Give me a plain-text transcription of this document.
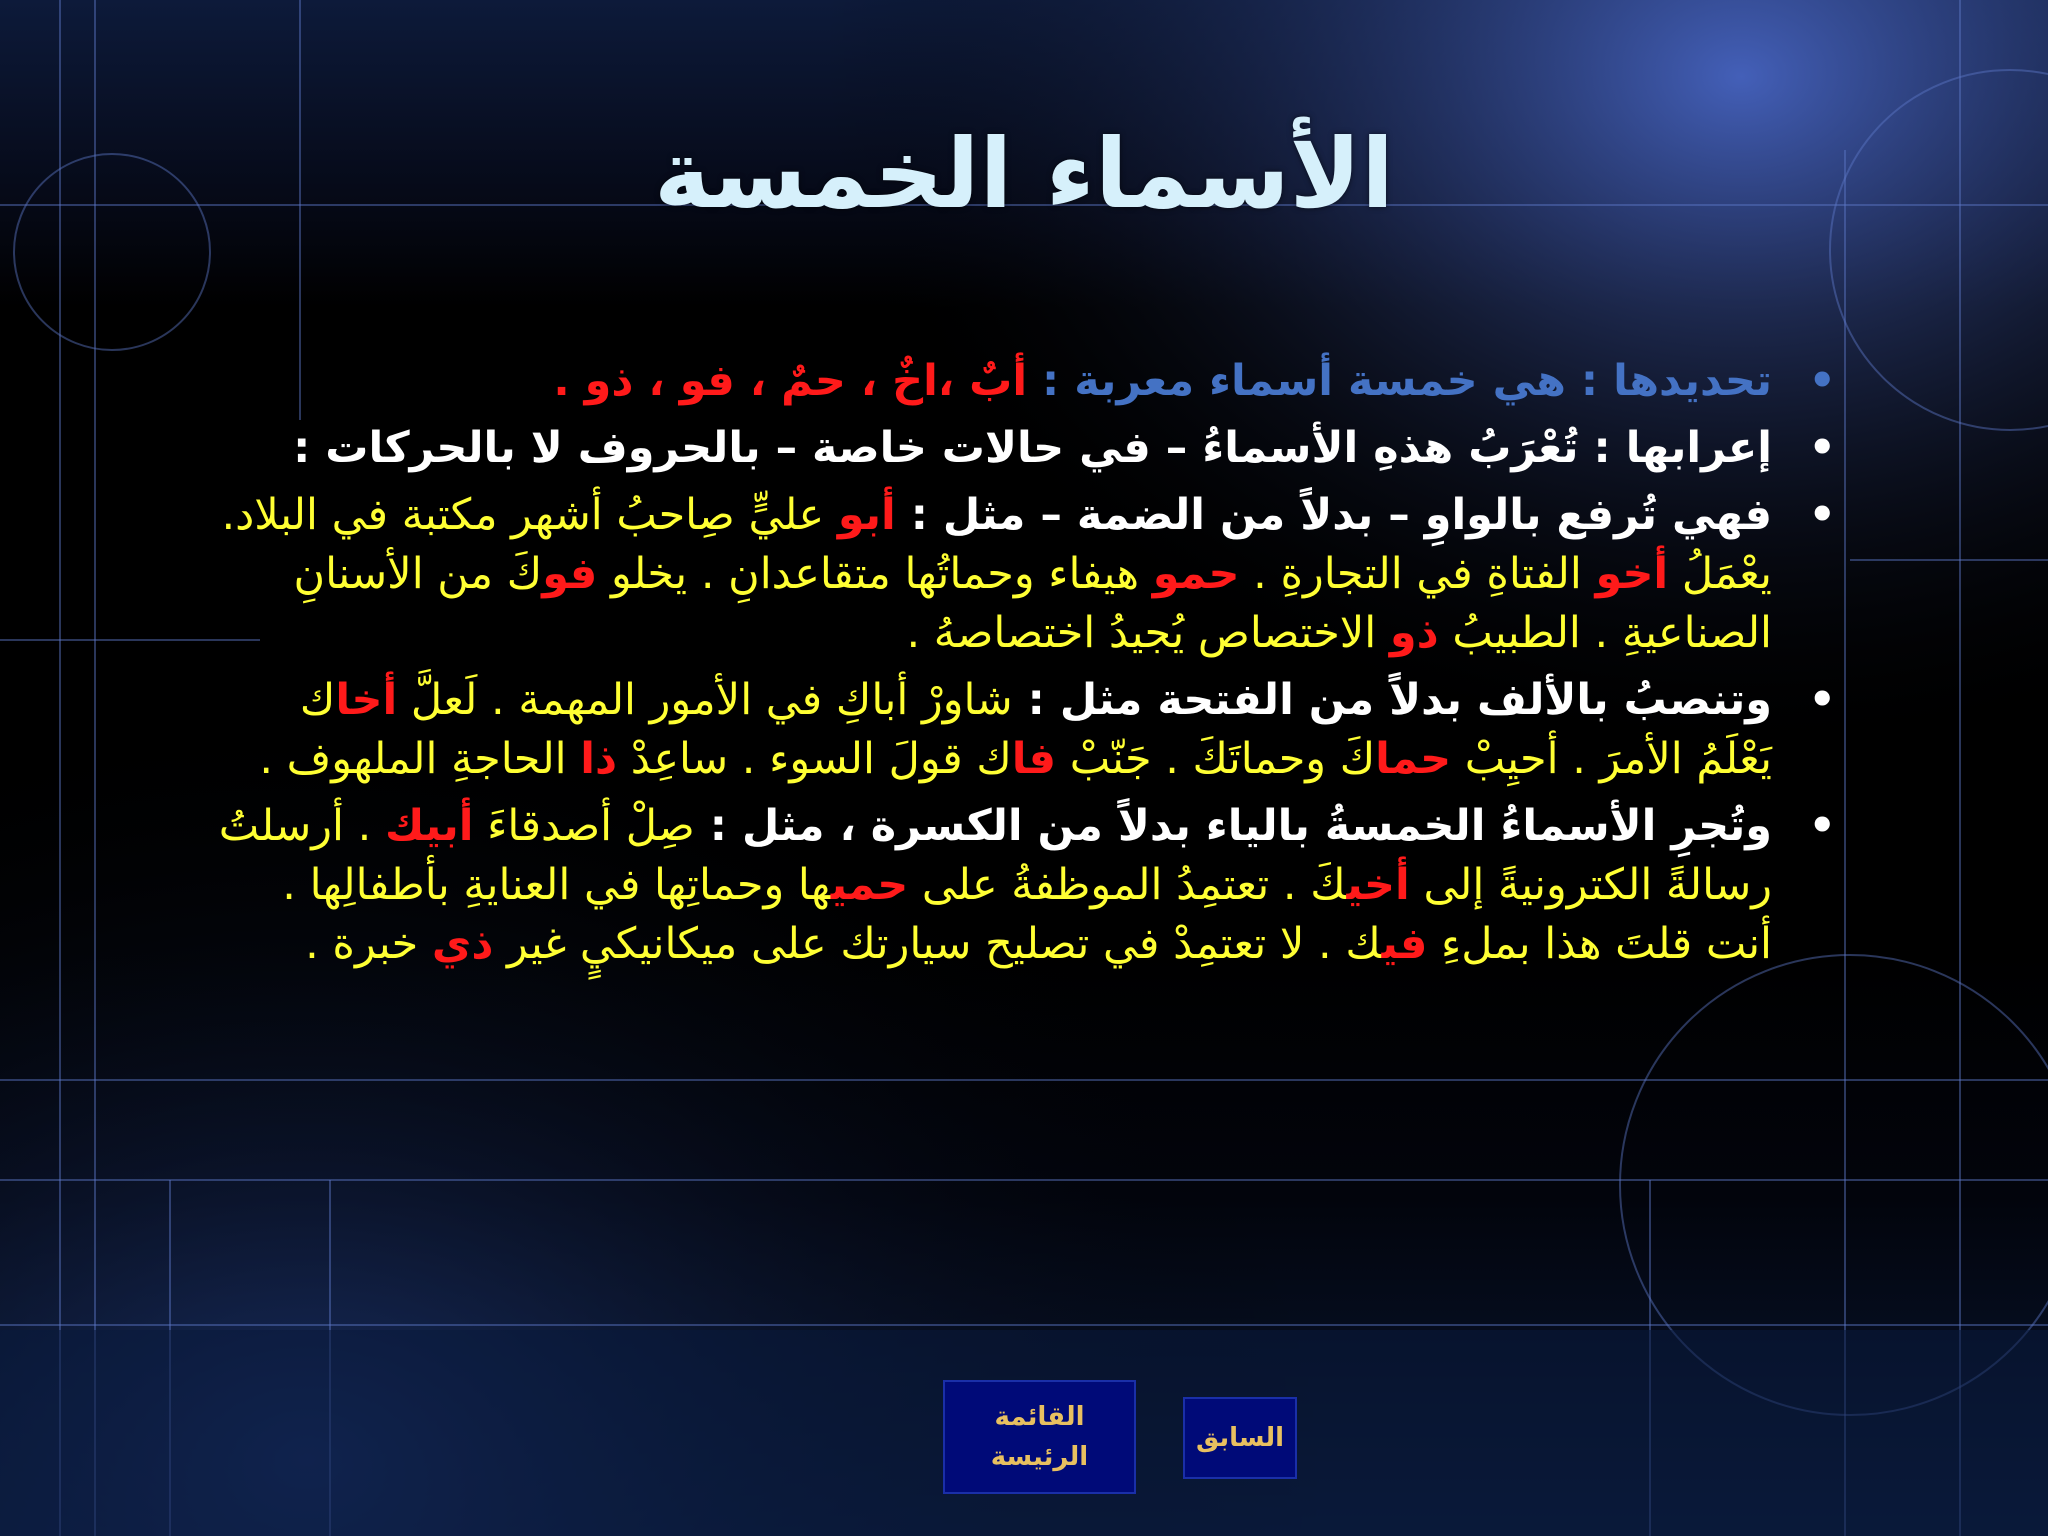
الأسماء الخمسة
•
تحديدها : هي خمسة أسماء معربة : أبٌ ،اخٌ ، حمٌ ، فو ، ذو .
•
إعرابها : تُعْرَبُ هذهِ الأسماءُ – في حالات خاصة – بالحروف لا بالحركات :
•
فهي تُرفع بالواوِ – بدلاً من الضمة – مثل : أبو عليٍّ صِاحبُ أشهر مكتبة في البلاد. يعْمَلُ أخو الفتاةِ في التجارةِ . حمو هيفاء وحماتُها متقاعدانِ . يخلو فوكَ من الأسنانِ الصناعيةِ . الطبيبُ ذو الاختصاص يُجيدُ اختصاصهُ .
•
وتنصبُ بالألف بدلاً من الفتحة مثل : شاورْ أباكِ في الأمور المهمة . لَعلَّ أخاك يَعْلَمُ الأمرَ . أحيِبْ حماكَ وحماتَكَ . جَنّبْ فاك قولَ السوء . ساعِدْ ذا الحاجةِ الملهوف .
•
وتُجرِ الأسماءُ الخمسةُ بالياء بدلاً من الكسرة ، مثل : صِلْ أصدقاءَ أبيك . أرسلتُ رسالةً الكترونيةً إلى أخيكَ . تعتمِدُ الموظفةُ على حميها وحماتِها في العنايةِ بأطفالِها . أنت قلتَ هذا بملءِ فيك . لا تعتمِدْ في تصليح سيارتك على ميكانيكيٍ غير ذي خبرة .
القائمة الرئيسة
السابق
